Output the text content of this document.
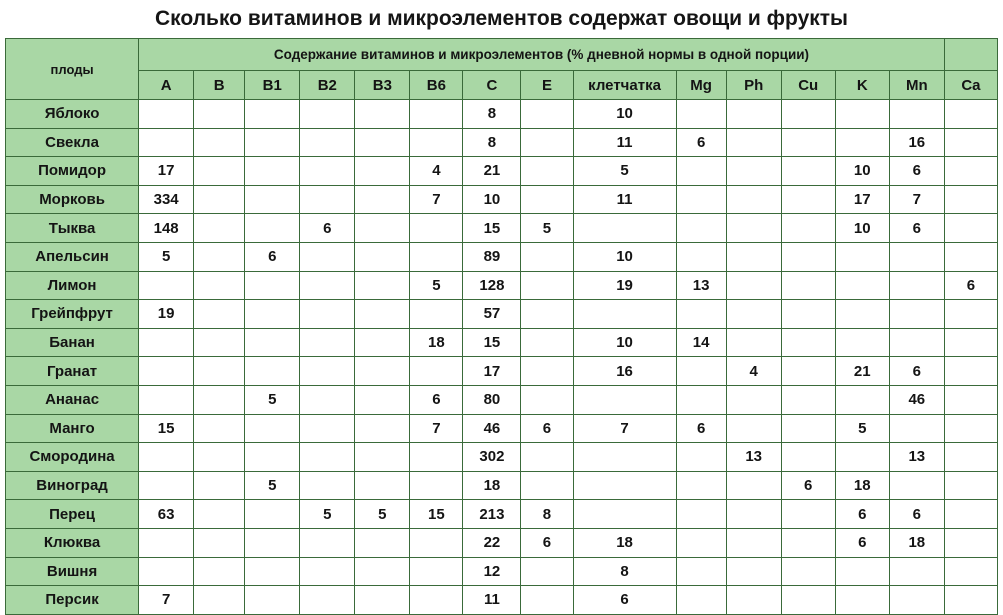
Сколько витаминов и микроэлементов содержат овощи и фрукты
плоды	Содержание витаминов и микроэлементов (% дневной нормы в одной порции)														
	А	В	B1	B2	B3	B6	С	Е	клетчатка	Mg	Ph	Cu	K	Mn	Ca
Яблоко							8		10						
Свекла							8		11	6				16	
Помидор	17					4	21		5				10	6	
Морковь	334					7	10		11				17	7	
Тыква	148			6			15	5					10	6	
Апельсин	5		6				89		10						
Лимон						5	128		19	13					6
Грейпфрут	19						57								
Банан						18	15		10	14					
Гранат							17		16		4		21	6	
Ананас			5			6	80							46	
Манго	15					7	46	6	7	6			5		
Смородина							302				13			13	
Виноград			5				18					6	18		
Перец	63			5	5	15	213	8					6	6	
Клюква							22	6	18				6	18	
Вишня							12		8						
Персик	7						11		6						
